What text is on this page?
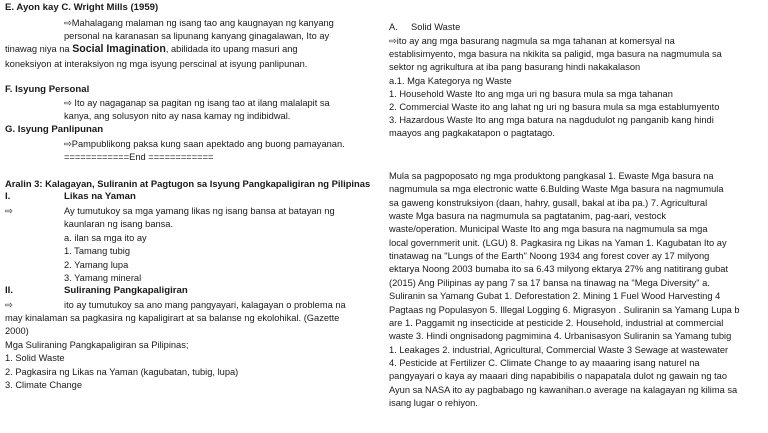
E. Ayon kay C. Wright Mills (1959)
⇨Mahalagang malaman ng isang tao ang kaugnayan ng kanyang
personal na karanasan sa lipunang kanyang ginagalawan, Ito ay
tinawag niya na Social Imagination, abilidada ito upang masuri ang
koneksiyon at interaksiyon ng mga isyung perscinal at isyung panlipunan.
F. Isyung Personal
⇨ Ito ay nagaganap sa pagitan ng isang tao at ilang malalapit sa
kanya, ang solusyon nito ay nasa kamay ng indibidwal.
G. Isyung Panlipunan
⇨Pampublikong paksa kung saan apektado ang buong pamayanan.
============End ============
Aralin 3: Kalagayan, Suliranin at Pagtugon sa Isyung Pangkapaligiran ng Pilipinas
I.	Likas na Yaman
⇨	Ay tumutukoy sa mga yamang likas ng isang bansa at batayan ng
kaunlaran ng isang bansa.
a. ilan sa mga ito ay
1. Tamang tubig
2. Yamang lupa
3. Yamang mineral
II.	Suliraning Pangkapaligiran
⇨	ito ay tumutukoy sa ano mang pangyayari, kalagayan o problema na
may kinalaman sa pagkasira ng kapaligirart at sa balanse ng ekolohikal. (Gazette
2000)
Mga Suliraning Pangkapaligiran sa Pilipinas;
1. Solid Waste
2. Pagkasira ng Likas na Yaman (kagubatan, tubig, lupa)
3. Climate Change
A. Solid Waste
⇨ito ay ang mga basurang nagmula sa mga tahanan at komersyal na
establisimyento, mga basura na nkikita sa paligid, mga basura na nagmumula sa
sektor ng agrikultura at iba pang basurang hindi nakakalason
a.1. Mga Kategorya ng Waste
1. Household Waste Ito ang mga uri ng basura mula sa mga tahanan
2. Commercial Waste ito ang lahat ng uri ng basura mula sa mga establumyento
3. Hazardous Waste Ito ang mga batura na nagdudulot ng panganib kang hindi
maayos ang pagkakatapon o pagtatago.
Mula sa pagpoposato ng mga produktong pangkasal 1. Ewaste Mga basura na
nagmumula sa mga electronic watte 6.Bulding Waste Mga basura na nagmumula
sa gaweng konstruksiyon (daan, hahry, gusall, bakal at iba pa.) 7. Agricultural
waste Mga basura na nagmumula sa pagtatanim, pag-aari, vestock
waste/operation. Municipal Waste Ito ang mga basura na nagmumula sa mga
local governmerit unit. (LGU) 8. Pagkasira ng Likas na Yaman 1. Kagubatan Ito ay
tinatawag na "Lungs of the Earth" Noong 1934 ang forest cover ay 17 milyong
ektarya Noong 2003 bumaba ito sa 6.43 milyong ektarya 27% ang natitirang gubat
(2015) Ang Pilipinas ay pang 7 sa 17 bansa na tinawag na "Mega Diversity" a.
Suliranin sa Yamang Gubat 1. Deforestation 2. Mining 1 Fuel Wood Harvesting 4
Pagtaas ng Populasyon 5. Illegal Logging 6. Migrasyon . Suliranin sa Yamang Lupa b
are 1. Paggamit ng insecticide at pesticide 2. Household, industrial at commercial
waste 3. Hindi ongnisadong pagmimina 4. Urbanisasyon Suliranin sa Yamang tubig
1. Leakages 2. industrial, Agricultural, Commercial Waste 3 Sewage at wastewater
4. Pesticide at Fertilizer C. Climate Change to ay maaaring isang naturel na
pangyayari o kaya ay maaari ding napabibilis o napapatala dulot ng gawain ng tao
Ayun sa NASA ito ay pagbabago ng kawanihan.o average na kalagayan ng kilima sa
isang lugar o rehiyon.
